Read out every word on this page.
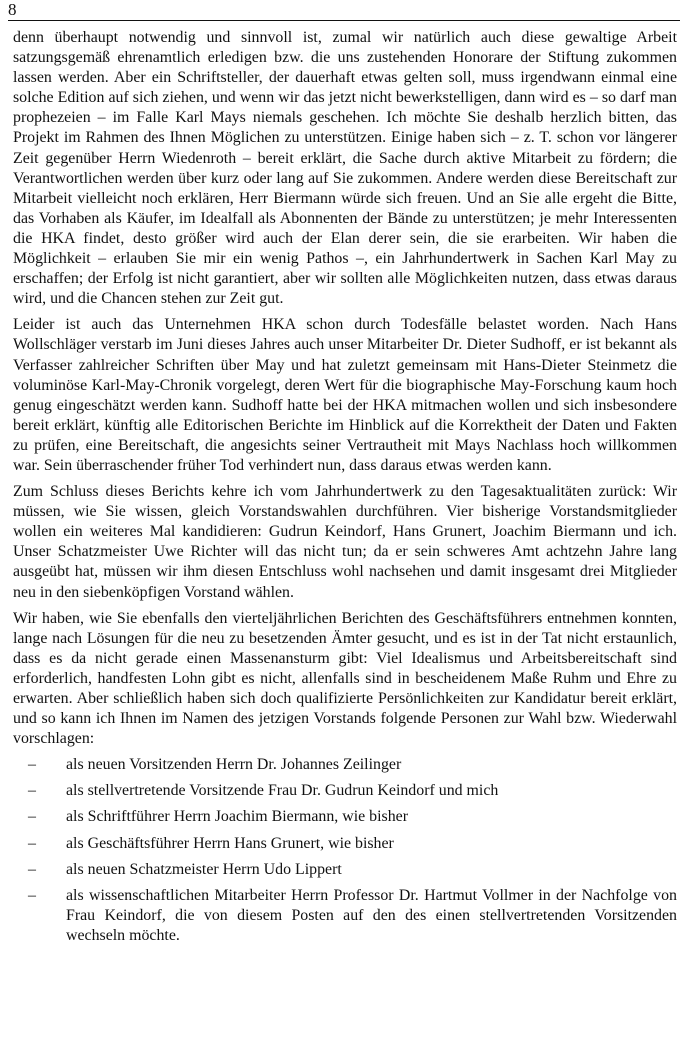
8

denn überhaupt notwendig und sinnvoll ist, zumal wir natürlich auch diese gewaltige Arbeit satzungsgemäß ehrenamtlich erledigen bzw. die uns zustehenden Honorare der Stiftung zukommen lassen werden. Aber ein Schriftsteller, der dauerhaft etwas gelten soll, muss irgendwann einmal eine solche Edition auf sich ziehen, und wenn wir das jetzt nicht bewerkstelligen, dann wird es – so darf man prophezeien – im Falle Karl Mays niemals geschehen. Ich möchte Sie deshalb herzlich bitten, das Projekt im Rahmen des Ihnen Möglichen zu unterstützen. Einige haben sich – z. T. schon vor längerer Zeit gegenüber Herrn Wiedenroth – bereit erklärt, die Sache durch aktive Mitarbeit zu fördern; die Verantwortlichen werden über kurz oder lang auf Sie zukommen. Andere werden diese Bereitschaft zur Mitarbeit vielleicht noch erklären, Herr Biermann würde sich freuen. Und an Sie alle ergeht die Bitte, das Vorhaben als Käufer, im Idealfall als Abonnenten der Bände zu unterstützen; je mehr Interessenten die HKA findet, desto größer wird auch der Elan derer sein, die sie erarbeiten. Wir haben die Möglichkeit – erlauben Sie mir ein wenig Pathos –, ein Jahrhundertwerk in Sachen Karl May zu erschaffen; der Erfolg ist nicht garantiert, aber wir sollten alle Möglichkeiten nutzen, dass etwas daraus wird, und die Chancen stehen zur Zeit gut.

Leider ist auch das Unternehmen HKA schon durch Todesfälle belastet worden. Nach Hans Wollschläger verstarb im Juni dieses Jahres auch unser Mitarbeiter Dr. Dieter Sudhoff, er ist bekannt als Verfasser zahlreicher Schriften über May und hat zuletzt gemeinsam mit Hans-Dieter Steinmetz die voluminöse Karl-May-Chronik vorgelegt, deren Wert für die biographische May-Forschung kaum hoch genug eingeschätzt werden kann. Sudhoff hatte bei der HKA mitmachen wollen und sich insbesondere bereit erklärt, künftig alle Editorischen Berichte im Hinblick auf die Korrektheit der Daten und Fakten zu prüfen, eine Bereitschaft, die angesichts seiner Vertrautheit mit Mays Nachlass hoch willkommen war. Sein überraschender früher Tod verhindert nun, dass daraus etwas werden kann.

Zum Schluss dieses Berichts kehre ich vom Jahrhundertwerk zu den Tagesaktualitäten zurück: Wir müssen, wie Sie wissen, gleich Vorstandswahlen durchführen. Vier bisherige Vorstandsmitglieder wollen ein weiteres Mal kandidieren: Gudrun Keindorf, Hans Grunert, Joachim Biermann und ich. Unser Schatzmeister Uwe Richter will das nicht tun; da er sein schweres Amt achtzehn Jahre lang ausgeübt hat, müssen wir ihm diesen Entschluss wohl nachsehen und damit insgesamt drei Mitglieder neu in den siebenköpfigen Vorstand wählen.

Wir haben, wie Sie ebenfalls den vierteljährlichen Berichten des Geschäftsführers entnehmen konnten, lange nach Lösungen für die neu zu besetzenden Ämter gesucht, und es ist in der Tat nicht erstaunlich, dass es da nicht gerade einen Massenansturm gibt: Viel Idealismus und Arbeitsbereitschaft sind erforderlich, handfesten Lohn gibt es nicht, allenfalls sind in bescheidenem Maße Ruhm und Ehre zu erwarten. Aber schließlich haben sich doch qualifizierte Persönlichkeiten zur Kandidatur bereit erklärt, und so kann ich Ihnen im Namen des jetzigen Vorstands folgende Personen zur Wahl bzw. Wiederwahl vorschlagen:

– als neuen Vorsitzenden Herrn Dr. Johannes Zeilinger
– als stellvertretende Vorsitzende Frau Dr. Gudrun Keindorf und mich
– als Schriftführer Herrn Joachim Biermann, wie bisher
– als Geschäftsführer Herrn Hans Grunert, wie bisher
– als neuen Schatzmeister Herrn Udo Lippert
– als wissenschaftlichen Mitarbeiter Herrn Professor Dr. Hartmut Vollmer in der Nachfolge von Frau Keindorf, die von diesem Posten auf den des einen stellvertretenden Vorsitzenden wechseln möchte.
